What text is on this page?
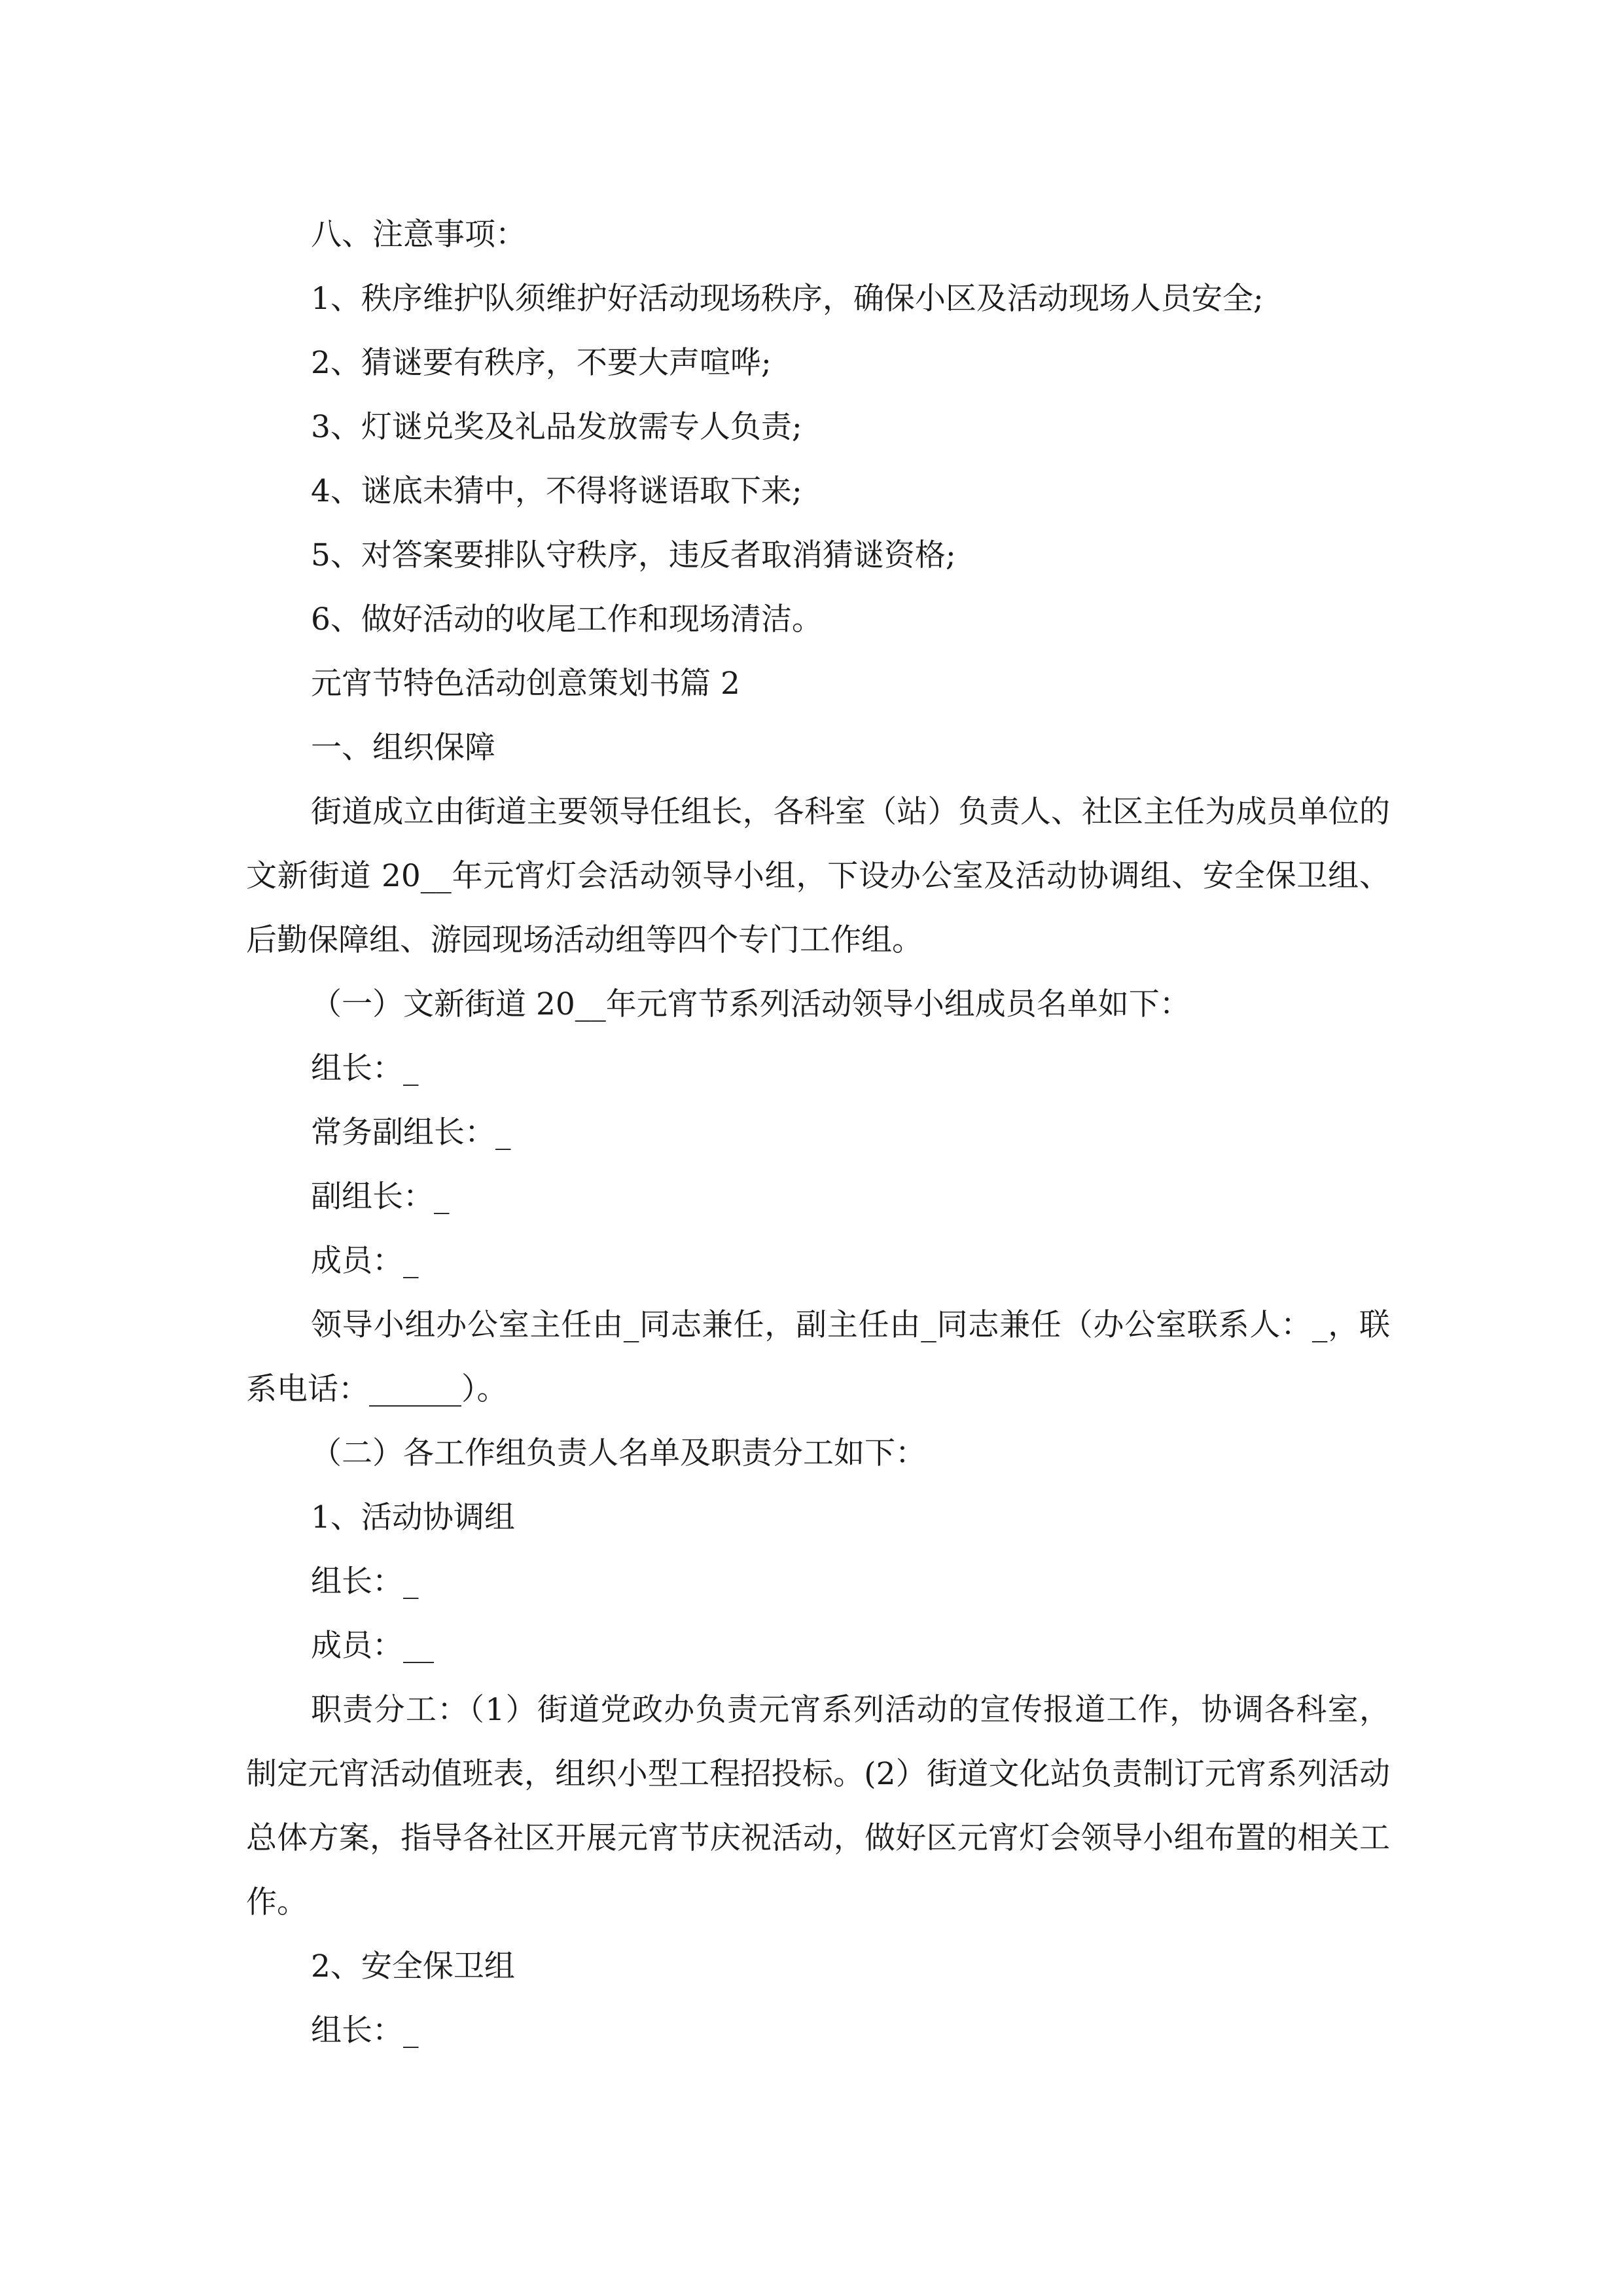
八、注意事项：

1、秩序维护队须维护好活动现场秩序，确保小区及活动现场人员安全;

2、猜谜要有秩序，不要大声喧哗;

3、灯谜兑奖及礼品发放需专人负责;

4、谜底未猜中，不得将谜语取下来;

5、对答案要排队守秩序，违反者取消猜谜资格;

6、做好活动的收尾工作和现场清洁。

元宵节特色活动创意策划书篇 2

一、组织保障

街道成立由街道主要领导任组长，各科室（站）负责人、社区主任为成员单位的文新街道 20__年元宵灯会活动领导小组，下设办公室及活动协调组、安全保卫组、后勤保障组、游园现场活动组等四个专门工作组。

（一）文新街道 20__年元宵节系列活动领导小组成员名单如下：

组长：_

常务副组长：_

副组长：_

成员：_

领导小组办公室主任由_同志兼任，副主任由_同志兼任（办公室联系人：_，联系电话：______）。

（二）各工作组负责人名单及职责分工如下：

1、活动协调组

组长：_

成员：__

职责分工：（1）街道党政办负责元宵系列活动的宣传报道工作，协调各科室，制定元宵活动值班表，组织小型工程招投标。(2）街道文化站负责制订元宵系列活动总体方案，指导各社区开展元宵节庆祝活动，做好区元宵灯会领导小组布置的相关工作。

2、安全保卫组

组长：_
